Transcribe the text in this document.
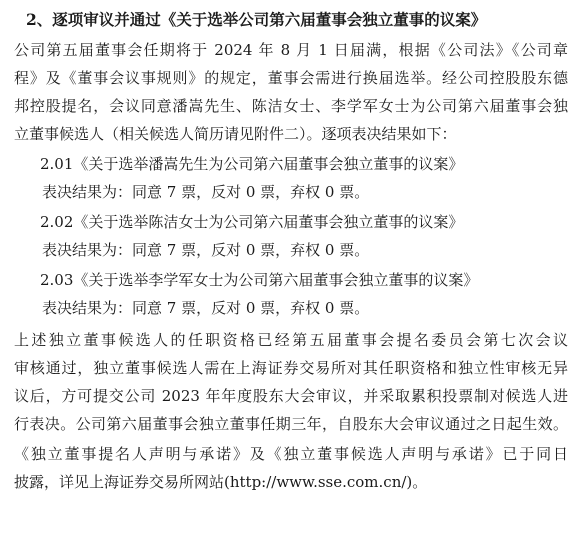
2、逐项审议并通过《关于选举公司第六届董事会独立董事的议案》
公司第五届董事会任期将于 2024 年 8 月 1 日届满，根据《公司法》《公司章
程》及《董事会议事规则》的规定，董事会需进行换届选举。经公司控股股东德
邦控股提名，会议同意潘嵩先生、陈洁女士、李学军女士为公司第六届董事会独
立董事候选人（相关候选人简历请见附件二）。逐项表决结果如下：
2.01《关于选举潘嵩先生为公司第六届董事会独立董事的议案》
表决结果为：同意 7 票，反对 0 票，弃权 0 票。
2.02《关于选举陈洁女士为公司第六届董事会独立董事的议案》
表决结果为：同意 7 票，反对 0 票，弃权 0 票。
2.03《关于选举李学军女士为公司第六届董事会独立董事的议案》
表决结果为：同意 7 票，反对 0 票，弃权 0 票。
上述独立董事候选人的任职资格已经第五届董事会提名委员会第七次会议
审核通过，独立董事候选人需在上海证券交易所对其任职资格和独立性审核无异
议后，方可提交公司 2023 年年度股东大会审议，并采取累积投票制对候选人进
行表决。公司第六届董事会独立董事任期三年，自股东大会审议通过之日起生效。
《独立董事提名人声明与承诺》及《独立董事候选人声明与承诺》已于同日
披露，详见上海证券交易所网站(http://www.sse.com.cn/)。
